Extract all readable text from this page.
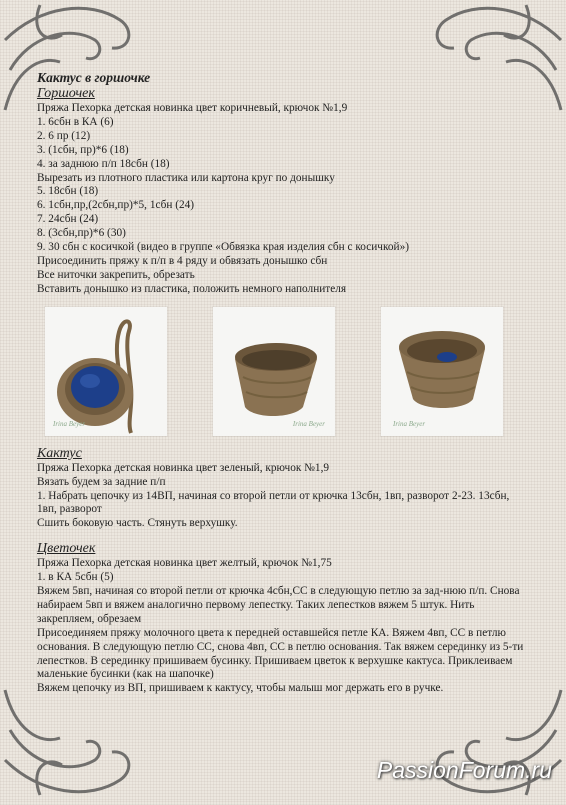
Кактус в горшочке
Горшочек
Пряжа Пехорка детская новинка цвет коричневый, крючок №1,9
1. 6сбн в КА (6)
2. 6 пр (12)
3. (1сбн, пр)*6 (18)
4. за заднюю п/п 18сбн (18)
Вырезать из плотного пластика или картона круг по донышку
5. 18сбн (18)
6. 1сбн,пр,(2сбн,пр)*5, 1сбн (24)
7. 24сбн (24)
8. (3сбн,пр)*6 (30)
9. 30 сбн с косичкой (видео в группе «Обвязка края изделия сбн с косичкой»)
Присоединить пряжу к п/п в 4 ряду и обвязать донышко сбн
Все ниточки закрепить, обрезать
Вставить донышко из пластика, положить немного наполнителя
Irina Beyer	Irina Beyer	Irina Beyer
Кактус
Пряжа Пехорка детская новинка цвет зеленый, крючок №1,9
Вязать будем за задние п/п
1. Набрать цепочку из 14ВП, начиная со второй петли от крючка 13сбн, 1вп, разворот 2-23. 13сбн, 1вп, разворот
Сшить боковую часть. Стянуть верхушку.
Цветочек
Пряжа Пехорка детская новинка цвет желтый, крючок №1,75
1. в КА 5сбн (5)
Вяжем 5вп, начиная со второй петли от крючка 4сбн,СС в следующую петлю за зад-нюю п/п. Снова набираем 5вп и вяжем аналогично первому лепестку. Таких лепестков вяжем 5 штук. Нить закрепляем, обрезаем
Присоединяем пряжу молочного цвета к передней оставшейся петле КА. Вяжем 4вп, СС в петлю основания. В следующую петлю СС, снова 4вп, СС в петлю основания. Так вяжем серединку из 5-ти лепестков. В серединку пришиваем бусинку. Пришиваем цветок к верхушке кактуса. Приклеиваем маленькие бусинки (как на шапочке)
Вяжем цепочку из ВП, пришиваем к кактусу, чтобы малыш мог держать его в ручке.
PassionForum.ru
